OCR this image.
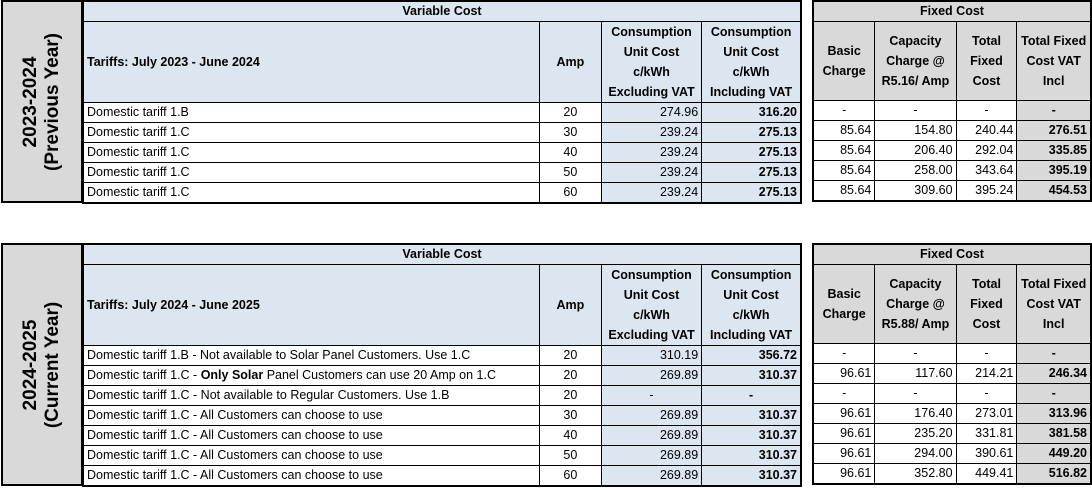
2023-2024 (Previous Year)
Variable Cost			
Tariffs: July 2023 - June 2024	Amp	Consumption Unit Cost c/kWh Excluding VAT	Consumption Unit Cost c/kWh Including VAT
Domestic tariff 1.B	20	274.96	316.20
Domestic tariff 1.C	30	239.24	275.13
Domestic tariff 1.C	40	239.24	275.13
Domestic tariff 1.C	50	239.24	275.13
Domestic tariff 1.C	60	239.24	275.13
Fixed Cost			
Basic Charge	Capacity Charge @ R5.16/ Amp	Total Fixed Cost	Total Fixed Cost VAT Incl
-	-	-	-
85.64	154.80	240.44	276.51
85.64	206.40	292.04	335.85
85.64	258.00	343.64	395.19
85.64	309.60	395.24	454.53
2024-2025 (Current Year)
Variable Cost			
Tariffs: July 2024 - June 2025	Amp	Consumption Unit Cost c/kWh Excluding VAT	Consumption Unit Cost c/kWh Including VAT
Domestic tariff 1.B - Not available to Solar Panel Customers. Use 1.C	20	310.19	356.72
Domestic tariff 1.C - Only Solar Panel Customers can use 20 Amp on 1.C	20	269.89	310.37
Domestic tariff 1.C - Not available to Regular Customers. Use 1.B	20	-	-
Domestic tariff 1.C - All Customers can choose to use	30	269.89	310.37
Domestic tariff 1.C - All Customers can choose to use	40	269.89	310.37
Domestic tariff 1.C - All Customers can choose to use	50	269.89	310.37
Domestic tariff 1.C - All Customers can choose to use	60	269.89	310.37
Fixed Cost			
Basic Charge	Capacity Charge @ R5.88/ Amp	Total Fixed Cost	Total Fixed Cost VAT Incl
-	-	-	-
96.61	117.60	214.21	246.34
-	-	-	-
96.61	176.40	273.01	313.96
96.61	235.20	331.81	381.58
96.61	294.00	390.61	449.20
96.61	352.80	449.41	516.82
